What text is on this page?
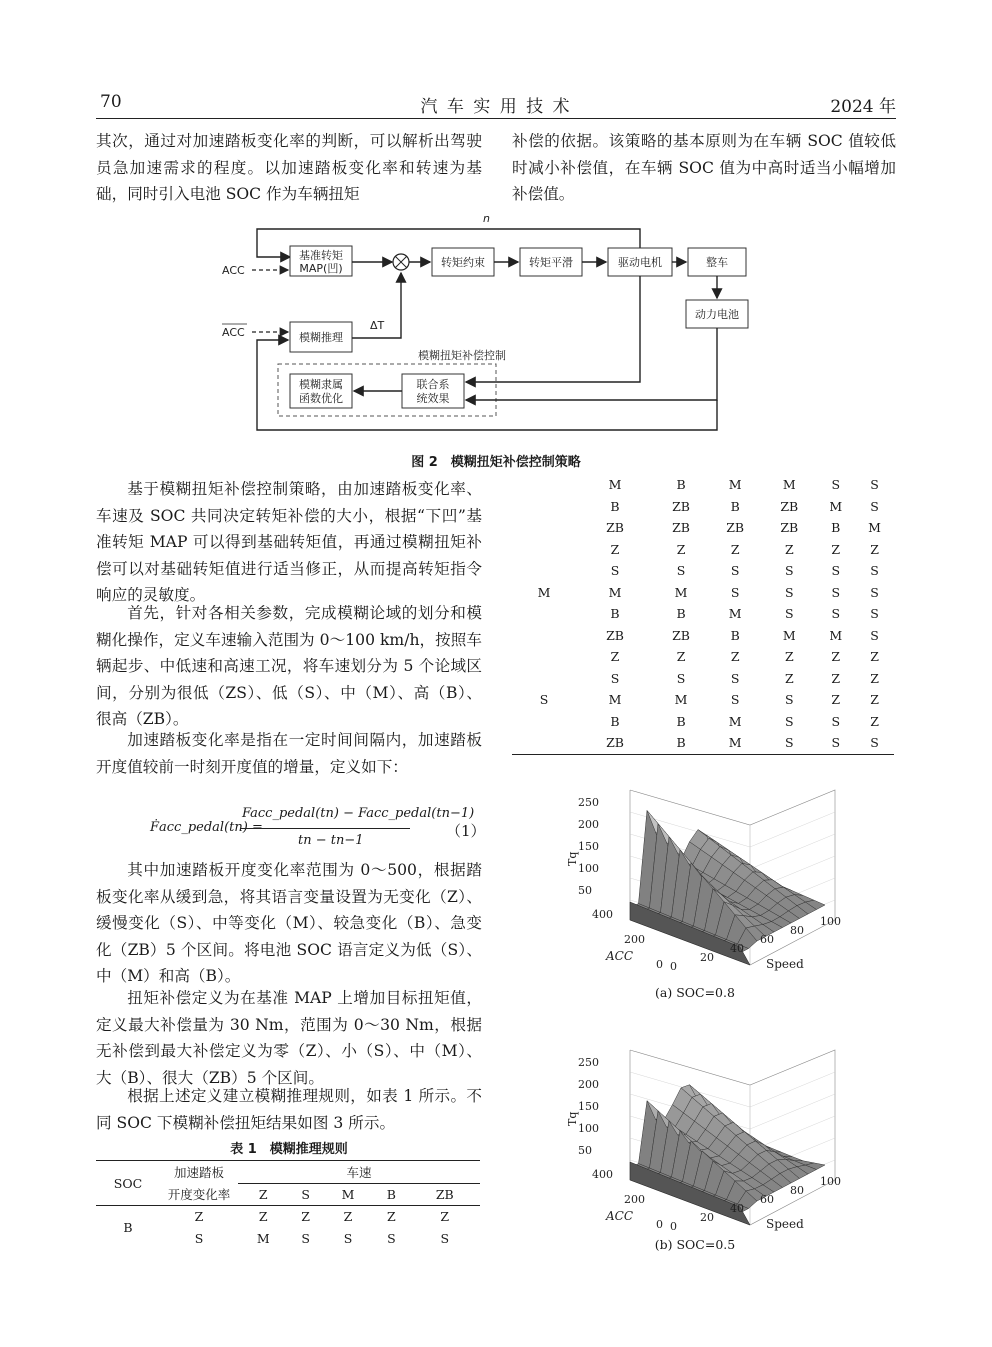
70	汽 车 实 用 技 术	2024 年

其次，通过对加速踏板变化率的判断，可以解析出驾驶员急加速需求的程度。以加速踏板变化率和转速为基础，同时引入电池 SOC 作为车辆扭矩

补偿的依据。该策略的基本原则为在车辆 SOC 值较低时减小补偿值，在车辆 SOC 值为中高时适当小幅增加补偿值。

n
基准转矩
MAP(凹)
ACC
转矩约束	转矩平滑	驱动电机	整车
动力电池
模糊推理
ACC
ΔT
模糊扭矩补偿控制
模糊隶属
函数优化
联合系
统效果
图 2　模糊扭矩补偿控制策略

基于模糊扭矩补偿控制策略，由加速踏板变化率、车速及 SOC 共同决定转矩补偿的大小，根据“下凹”基准转矩 MAP 可以得到基础转矩值，再通过模糊扭矩补偿可以对基础转矩值进行适当修正，从而提高转矩指令响应的灵敏度。

首先，针对各相关参数，完成模糊论域的划分和模糊化操作，定义车速输入范围为 0～100 km/h，按照车辆起步、中低速和高速工况，将车速划分为 5 个论域区间，分别为很低（ZS）、低（S）、中（M）、高（B）、很高（ZB）。

加速踏板变化率是指在一定时间间隔内，加速踏板开度值较前一时刻开度值的增量，定义如下：

Ḟacc_pedal(tn) =
Facc_pedal(tn) − Facc_pedal(tn−1)
tn − tn−1
（1）

其中加速踏板开度变化率范围为 0～500，根据踏板变化率从缓到急，将其语言变量设置为无变化（Z）、缓慢变化（S）、中等变化（M）、较急变化（B）、急变化（ZB）5 个区间。将电池 SOC 语言定义为低（S）、中（M）和高（B）。

扭矩补偿定义为在基准 MAP 上增加目标扭矩值，定义最大补偿量为 30 Nm，范围为 0～30 Nm，根据无补偿到最大补偿定义为零（Z）、小（S）、中（M）、大（B）、很大（ZB）5 个区间。

根据上述定义建立模糊推理规则，如表 1 所示。不同 SOC 下模糊补偿扭矩结果如图 3 所示。

表 1　模糊推理规则
SOC	加速踏板	车速				
	开度变化率	Z	S	M	B	ZB
B	Z	Z	Z	Z	Z	Z
	S	M	S	S	S	S
	M	B	M	M	S	S
	B	ZB	B	ZB	M	S
	ZB	ZB	ZB	ZB	B	M
	Z	Z	Z	Z	Z	Z
	S	S	S	S	S	S
M	M	M	S	S	S	S
	B	B	M	S	S	S
	ZB	ZB	B	M	M	S
	Z	Z	Z	Z	Z	Z
	S	S	S	Z	Z	Z
S	M	M	S	S	Z	Z
	B	B	M	S	S	Z
	ZB	B	M	S	S	S
250
200
150
100
50
Tq
400
200
0
ACC
0
20
40
60
80
100
Speed
(a) SOC=0.8
250
200
150
100
50
Tq
400
200
0
ACC
0
20
40
60
80
100
Speed
(b) SOC=0.5
